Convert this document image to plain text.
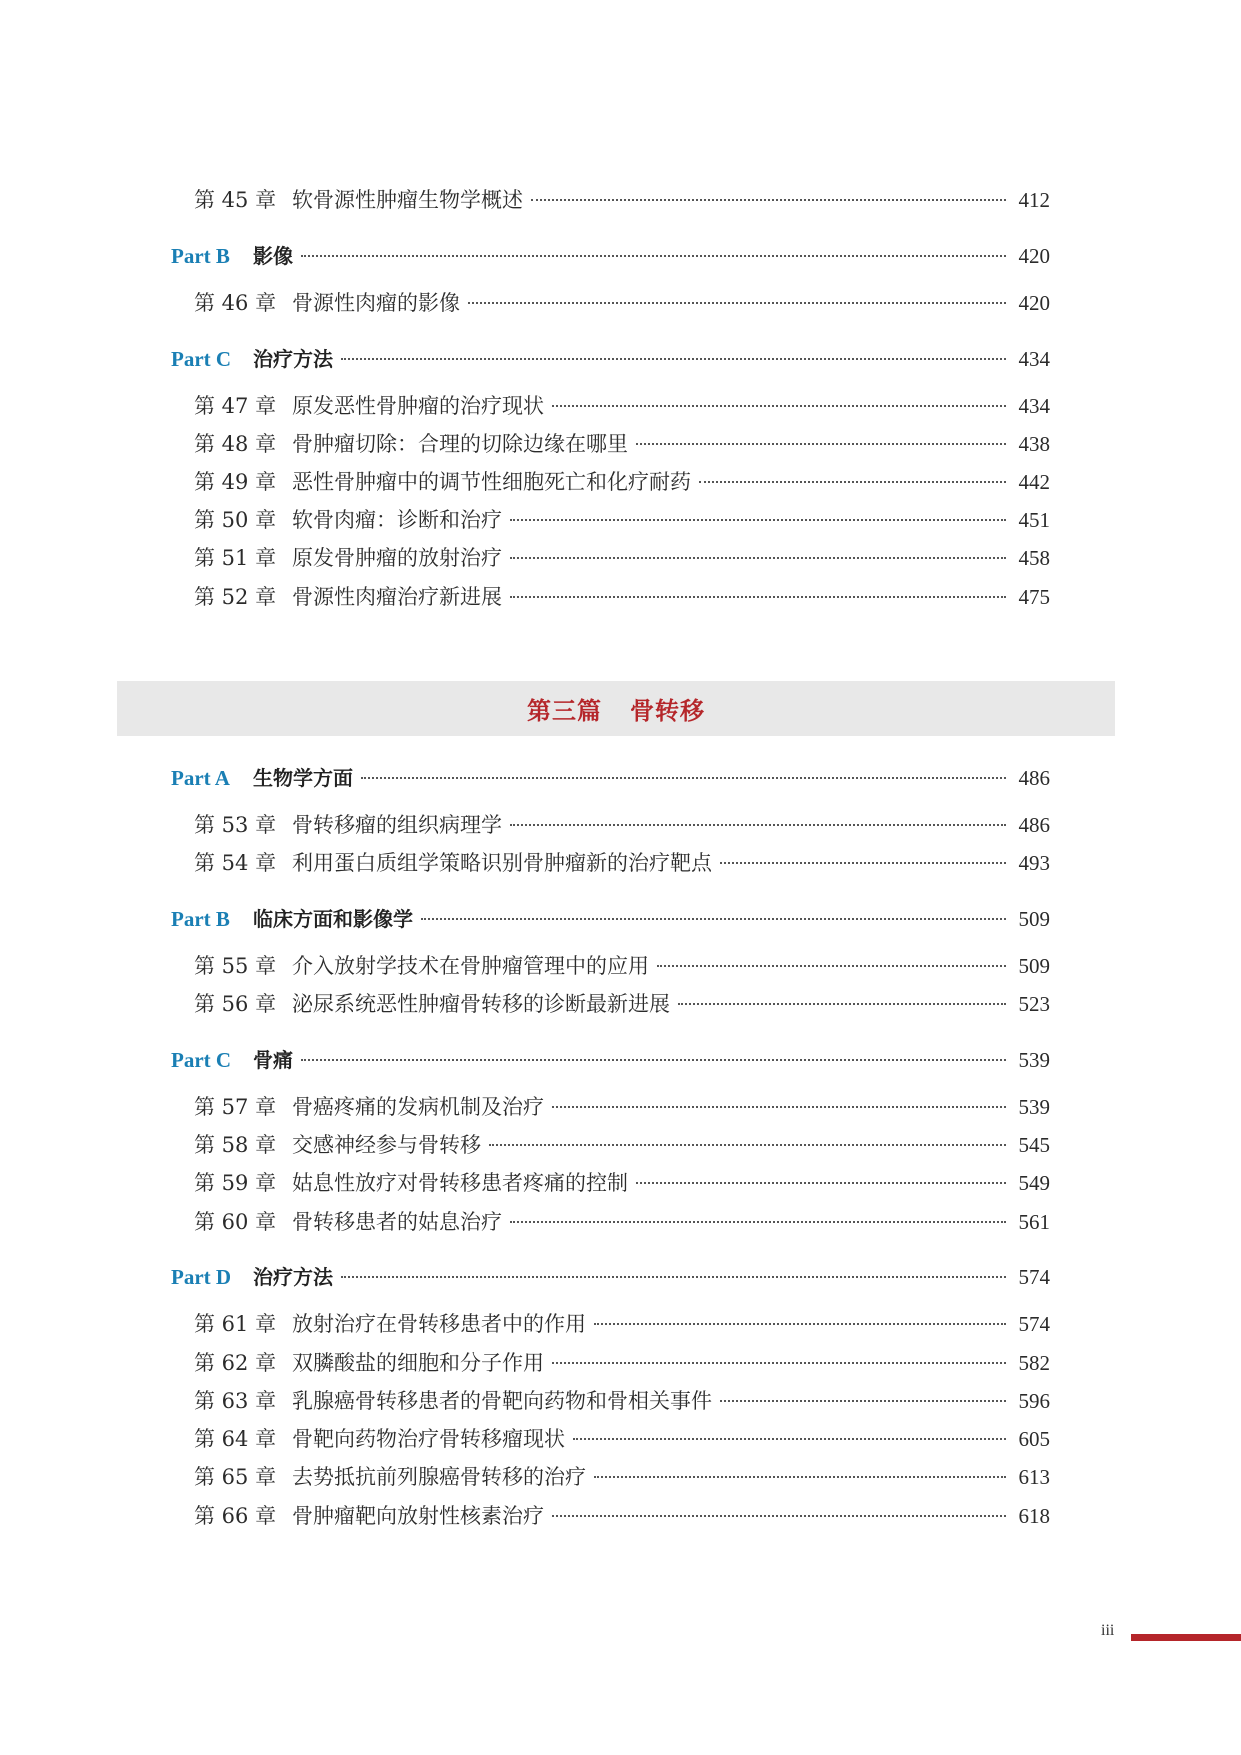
第 45 章 软骨源性肿瘤生物学概述	412
Part B	影像	420
第 46 章 骨源性肉瘤的影像	420
Part C	治疗方法	434
第 47 章 原发恶性骨肿瘤的治疗现状	434
第 48 章 骨肿瘤切除：合理的切除边缘在哪里	438
第 49 章 恶性骨肿瘤中的调节性细胞死亡和化疗耐药	442
第 50 章 软骨肉瘤：诊断和治疗	451
第 51 章 原发骨肿瘤的放射治疗	458
第 52 章 骨源性肉瘤治疗新进展	475
Part A	生物学方面	486
第 53 章 骨转移瘤的组织病理学	486
第 54 章 利用蛋白质组学策略识别骨肿瘤新的治疗靶点	493
Part B	临床方面和影像学	509
第 55 章 介入放射学技术在骨肿瘤管理中的应用	509
第 56 章 泌尿系统恶性肿瘤骨转移的诊断最新进展	523
Part C	骨痛	539
第 57 章 骨癌疼痛的发病机制及治疗	539
第 58 章 交感神经参与骨转移	545
第 59 章 姑息性放疗对骨转移患者疼痛的控制	549
第 60 章 骨转移患者的姑息治疗	561
Part D	治疗方法	574
第 61 章 放射治疗在骨转移患者中的作用	574
第 62 章 双膦酸盐的细胞和分子作用	582
第 63 章 乳腺癌骨转移患者的骨靶向药物和骨相关事件	596
第 64 章 骨靶向药物治疗骨转移瘤现状	605
第 65 章 去势抵抗前列腺癌骨转移的治疗	613
第 66 章 骨肿瘤靶向放射性核素治疗	618
第三篇 骨转移
iii
